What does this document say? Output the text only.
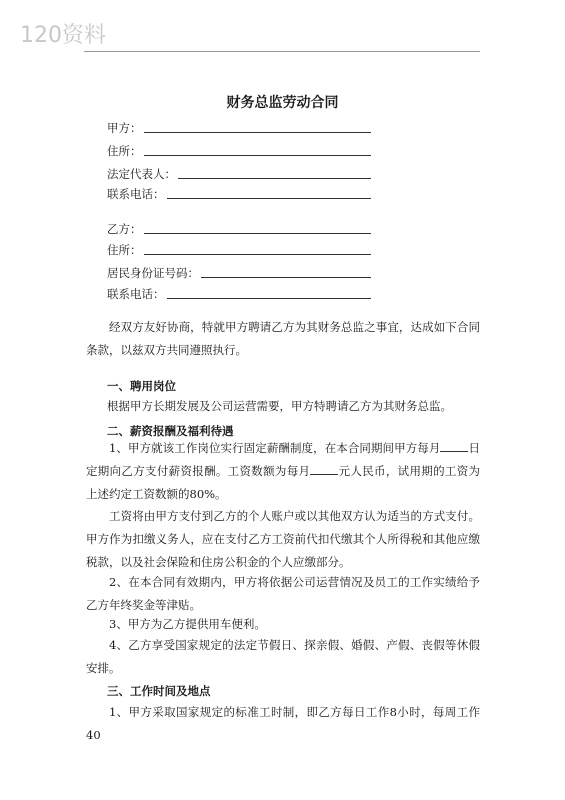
120资料
财务总监劳动合同
甲方：
住所：
法定代表人：
联系电话：
乙方：
住所：
居民身份证号码：
联系电话：

经双方友好协商，特就甲方聘请乙方为其财务总监之事宜，达成如下合同条款，以兹双方共同遵照执行。

一、聘用岗位

根据甲方长期发展及公司运营需要，甲方特聘请乙方为其财务总监。

二、薪资报酬及福利待遇

1、甲方就该工作岗位实行固定薪酬制度，在本合同期间甲方每月 日定期向乙方支付薪资报酬。工资数额为每月 元人民币，试用期的工资为上述约定工资数额的80%。

工资将由甲方支付到乙方的个人账户或以其他双方认为适当的方式支付。甲方作为扣缴义务人，应在支付乙方工资前代扣代缴其个人所得税和其他应缴税款，以及社会保险和住房公积金的个人应缴部分。

2、在本合同有效期内，甲方将依据公司运营情况及员工的工作实绩给予乙方年终奖金等津贴。

3、甲方为乙方提供用车便利。

4、乙方享受国家规定的法定节假日、探亲假、婚假、产假、丧假等休假安排。

三、工作时间及地点

1、甲方采取国家规定的标准工时制，即乙方每日工作8小时，每周工作40
